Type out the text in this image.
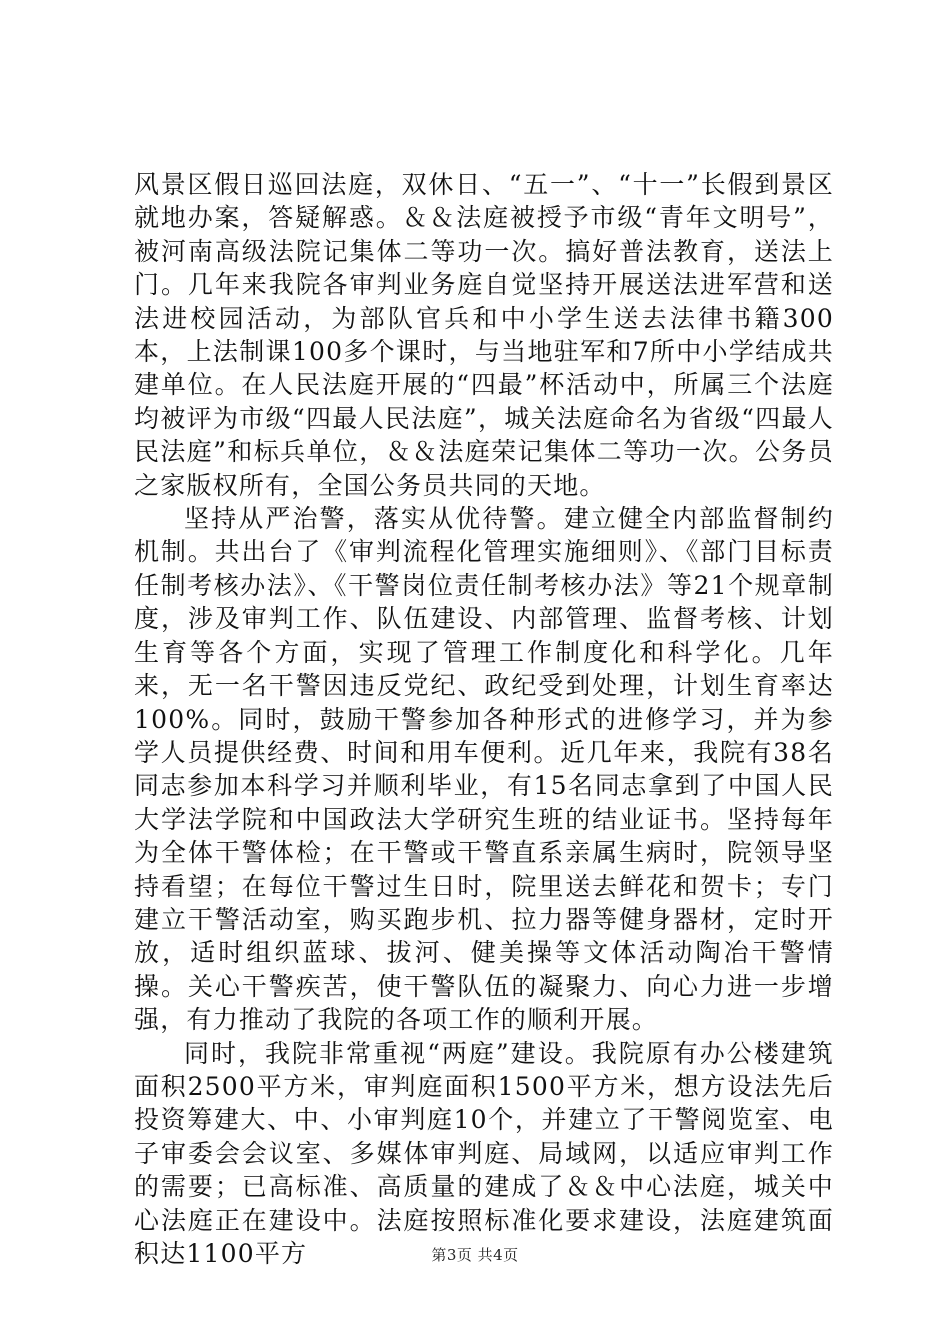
风景区假日巡回法庭，双休日、“五一”、“十一”长假到景区就地办案，答疑解惑。＆＆法庭被授予市级“青年文明号”，被河南高级法院记集体二等功一次。搞好普法教育，送法上门。几年来我院各审判业务庭自觉坚持开展送法进军营和送法进校园活动，为部队官兵和中小学生送去法律书籍300本，上法制课100多个课时，与当地驻军和7所中小学结成共建单位。在人民法庭开展的“四最”杯活动中，所属三个法庭均被评为市级“四最人民法庭”，城关法庭命名为省级“四最人民法庭”和标兵单位，＆＆法庭荣记集体二等功一次。公务员之家版权所有，全国公务员共同的天地。

坚持从严治警，落实从优待警。建立健全内部监督制约机制。共出台了《审判流程化管理实施细则》、《部门目标责任制考核办法》、《干警岗位责任制考核办法》等21个规章制度，涉及审判工作、队伍建设、内部管理、监督考核、计划生育等各个方面，实现了管理工作制度化和科学化。几年来，无一名干警因违反党纪、政纪受到处理，计划生育率达100%。同时，鼓励干警参加各种形式的进修学习，并为参学人员提供经费、时间和用车便利。近几年来，我院有38名同志参加本科学习并顺利毕业，有15名同志拿到了中国人民大学法学院和中国政法大学研究生班的结业证书。坚持每年为全体干警体检；在干警或干警直系亲属生病时，院领导坚持看望；在每位干警过生日时，院里送去鲜花和贺卡；专门建立干警活动室，购买跑步机、拉力器等健身器材，定时开放，适时组织蓝球、拔河、健美操等文体活动陶冶干警情操。关心干警疾苦，使干警队伍的凝聚力、向心力进一步增强，有力推动了我院的各项工作的顺利开展。

同时，我院非常重视“两庭”建设。我院原有办公楼建筑面积2500平方米，审判庭面积1500平方米，想方设法先后投资筹建大、中、小审判庭10个，并建立了干警阅览室、电子审委会会议室、多媒体审判庭、局域网，以适应审判工作的需要；已高标准、高质量的建成了＆＆中心法庭，城关中心法庭正在建设中。法庭按照标准化要求建设，法庭建筑面积达1100平方	第3页 共4页
